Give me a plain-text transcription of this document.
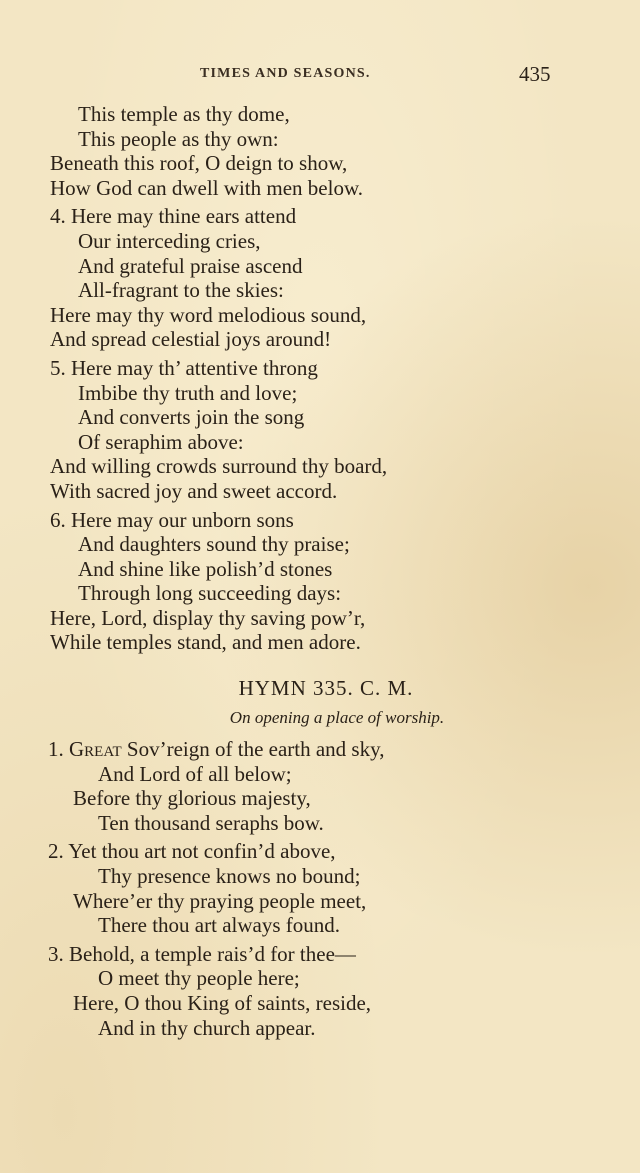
TIMES AND SEASONS.	435
This temple as thy dome,
This people as thy own:
Beneath this roof, O deign to show,
How God can dwell with men below.
4. Here may thine ears attend
Our interceding cries,
And grateful praise ascend
All-fragrant to the skies:
Here may thy word melodious sound,
And spread celestial joys around!
5. Here may th’ attentive throng
Imbibe thy truth and love;
And converts join the song
Of seraphim above:
And willing crowds surround thy board,
With sacred joy and sweet accord.
6. Here may our unborn sons
And daughters sound thy praise;
And shine like polish’d stones
Through long succeeding days:
Here, Lord, display thy saving pow’r,
While temples stand, and men adore.
HYMN 335. C. M.
On opening a place of worship.
1. Great Sov’reign of the earth and sky,
And Lord of all below;
Before thy glorious majesty,
Ten thousand seraphs bow.
2. Yet thou art not confin’d above,
Thy presence knows no bound;
Where’er thy praying people meet,
There thou art always found.
3. Behold, a temple rais’d for thee—
O meet thy people here;
Here, O thou King of saints, reside,
And in thy church appear.
